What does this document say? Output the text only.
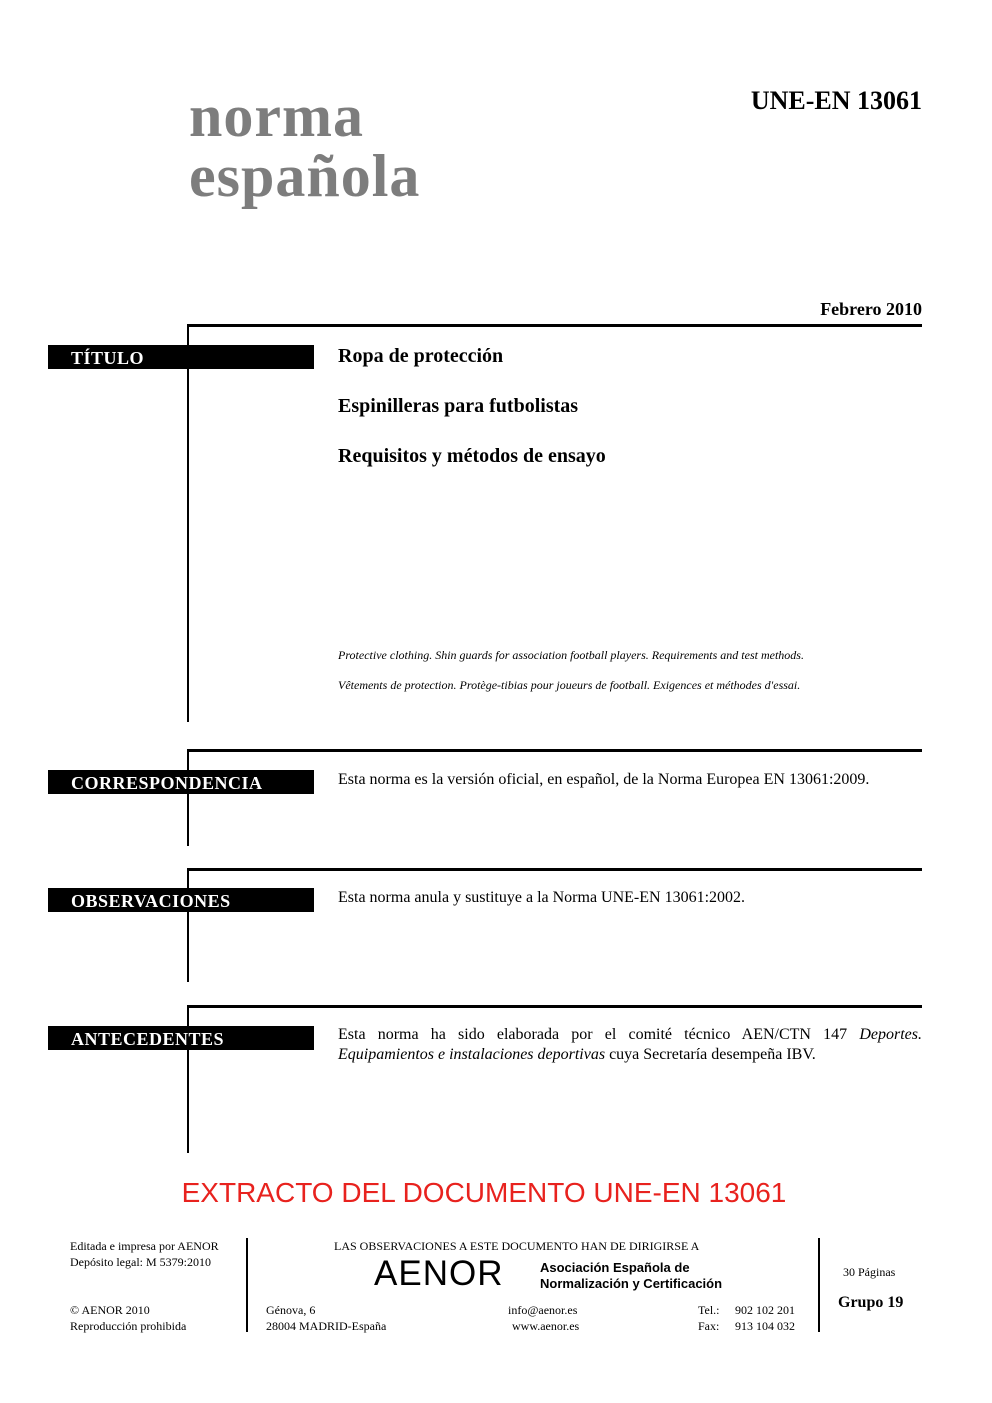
norma
española
UNE-EN 13061
Febrero 2010
TÍTULO	Ropa de protección
Espinilleras para futbolistas
Requisitos y métodos de ensayo
Protective clothing. Shin guards for association football players. Requirements and test methods.
Vêtements de protection. Protège-tibias pour joueurs de football. Exigences et méthodes d'essai.
CORRESPONDENCIA	Esta norma es la versión oficial, en español, de la Norma Europea EN 13061:2009.
OBSERVACIONES	Esta norma anula y sustituye a la Norma UNE-EN 13061:2002.
ANTECEDENTES	Esta norma ha sido elaborada por el comité técnico AEN/CTN 147 Deportes. Equipamientos e instalaciones deportivas cuya Secretaría desempeña IBV.
EXTRACTO DEL DOCUMENTO UNE-EN 13061
Editada e impresa por AENOR
Depósito legal: M 5379:2010
© AENOR 2010
Reproducción prohibida
LAS OBSERVACIONES A ESTE DOCUMENTO HAN DE DIRIGIRSE A
AENOR	Asociación Española de
Normalización y Certificación
Génova, 6
28004 MADRID-España
info@aenor.es
www.aenor.es
Tel.: 902 102 201
Fax: 913 104 032
30 Páginas
Grupo 19
